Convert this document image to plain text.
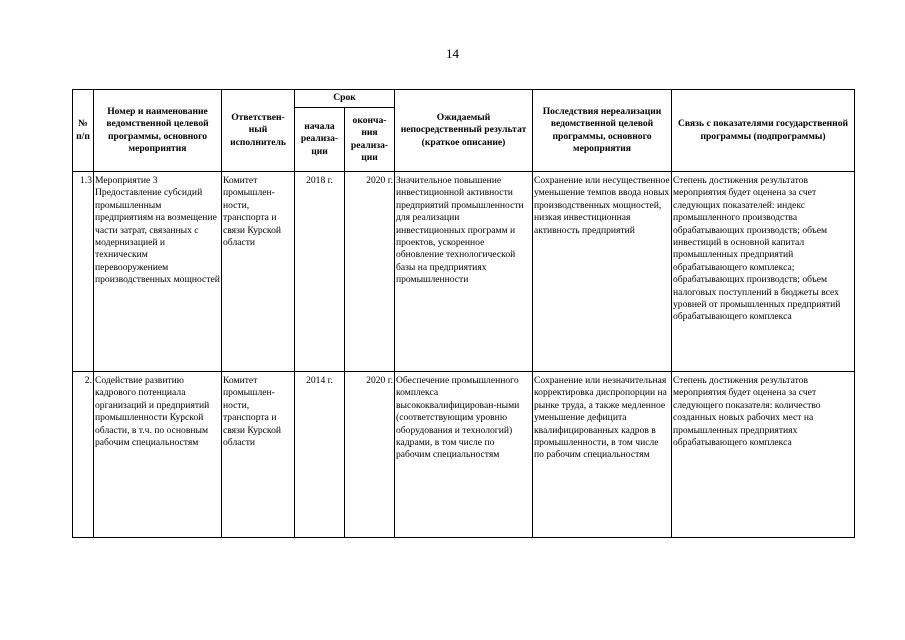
14
№ п/п	Номер и наименование ведомственной целевой программы, основного мероприятия	Ответствен-ный исполнитель	Срок		Ожидаемый непосредственный результат (краткое описание)	Последствия нереализации ведомственной целевой программы, основного мероприятия	Связь с показателями государственной программы (подпрограммы)
			начала реализа-ции	оконча-ния реализа-ции			
1.3	Мероприятие 3 Предоставление субсидий промышленным предприятиям на возмещение части затрат, связанных с модернизацией и техническим перевооружением производственных мощностей	Комитет промышлен-ности, транспорта и связи Курской области	2018 г.	2020 г.	Значительное повышение инвестиционной активности предприятий промышленности для реализации инвестиционных программ и проектов, ускоренное обновление технологической базы на предприятиях промышленности	Сохранение или несущественное уменьшение темпов ввода новых производственных мощностей, низкая инвестиционная активность предприятий	Степень достижения результатов мероприятия будет оценена за счет следующих показателей: индекс промышленного производства обрабатывающих производств; объем инвестиций в основной капитал промышленных предприятий обрабатывающего комплекса; обрабатывающих производств; объем налоговых поступлений в бюджеты всех уровней от промышленных предприятий обрабатывающего комплекса
2.	Содействие развитию кадрового потенциала организаций и предприятий промышленности Курской области, в т.ч. по основным рабочим специальностям	Комитет промышлен-ности, транспорта и связи Курской области	2014 г.	2020 г.	Обеспечение промышленного комплекса высококвалифицирован-ными (соответствующим уровню оборудования и технологий) кадрами, в том числе по рабочим специальностям	Сохранение или незначительная корректировка диспропорции на рынке труда, а также медленное уменьшение дефицита квалифицированных кадров в промышленности, в том числе по рабочим специальностям	Степень достижения результатов мероприятия будет оценена за счет следующего показателя: количество созданных новых рабочих мест на промышленных предприятиях обрабатывающего комплекса
